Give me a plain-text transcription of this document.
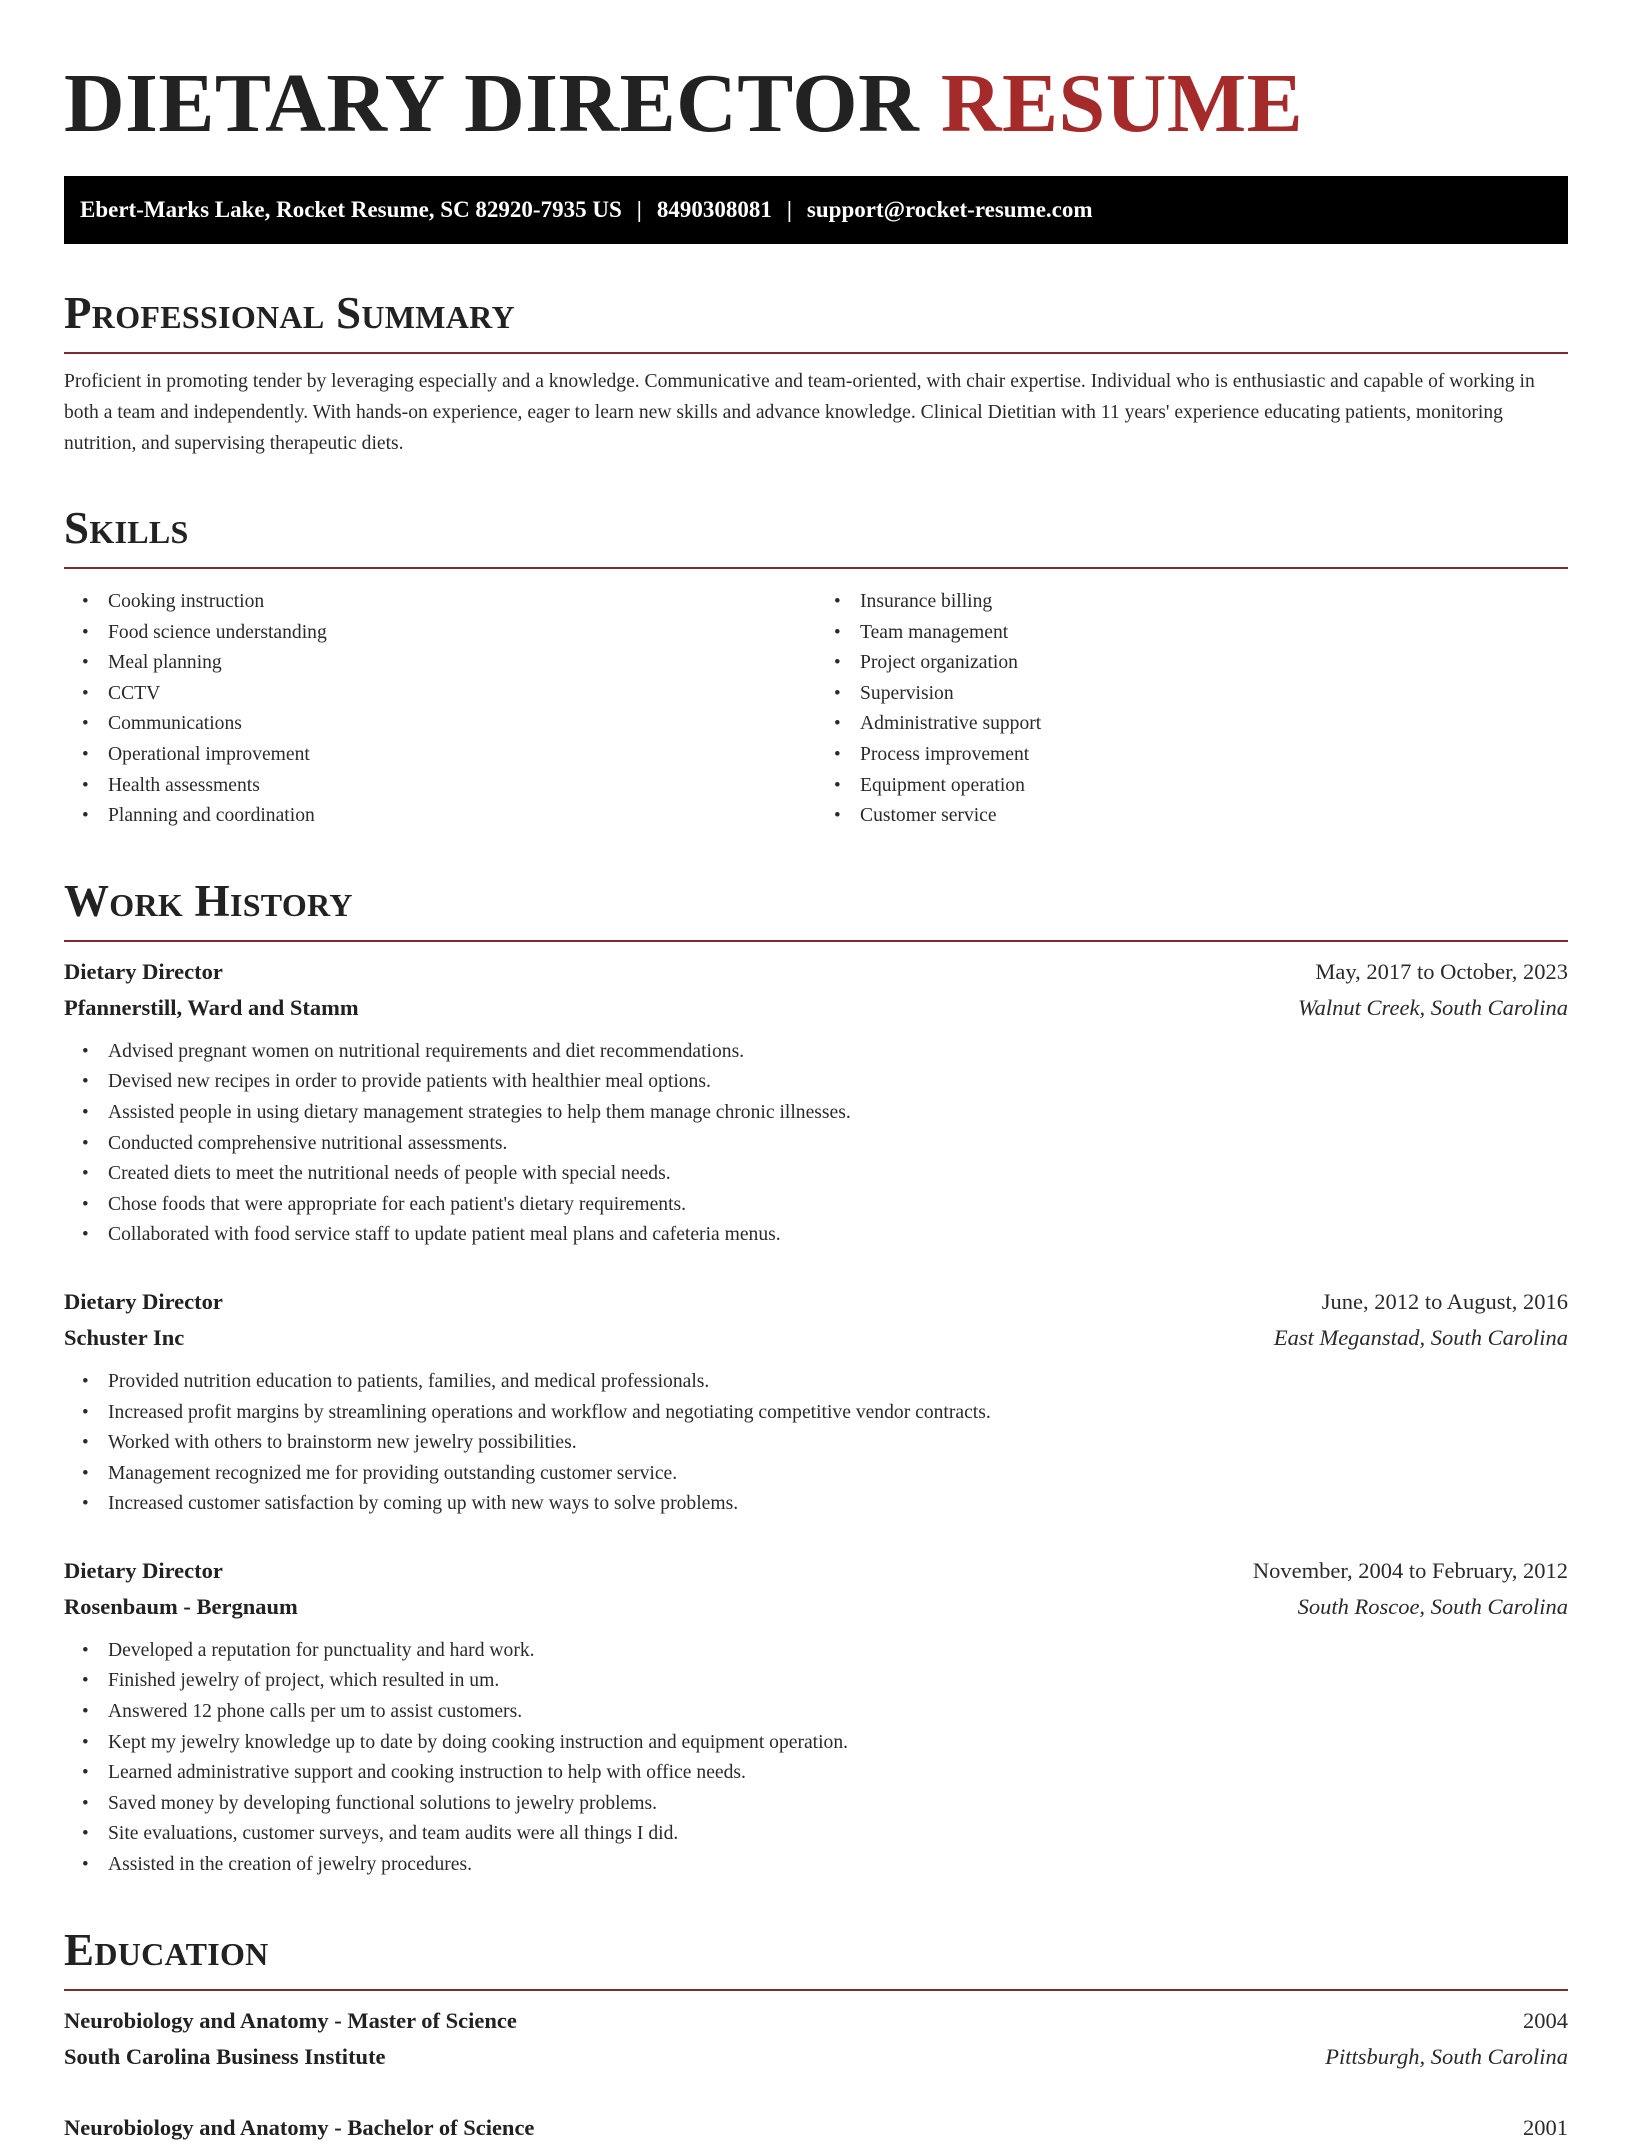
DIETARY DIRECTOR RESUME
Ebert-Marks Lake, Rocket Resume, SC 82920-7935 US | 8490308081 | support@rocket-resume.com
Professional Summary

Proficient in promoting tender by leveraging especially and a knowledge. Communicative and team-oriented, with chair expertise. Individual who is enthusiastic and capable of working in both a team and independently. With hands-on experience, eager to learn new skills and advance knowledge. Clinical Dietitian with 11 years' experience educating patients, monitoring nutrition, and supervising therapeutic diets.

Skills
• Cooking instruction
• Food science understanding
• Meal planning
• CCTV
• Communications
• Operational improvement
• Health assessments
• Planning and coordination
• Insurance billing
• Team management
• Project organization
• Supervision
• Administrative support
• Process improvement
• Equipment operation
• Customer service
Work History
Dietary Director	May, 2017 to October, 2023
Pfannerstill, Ward and Stamm	Walnut Creek, South Carolina
• Advised pregnant women on nutritional requirements and diet recommendations.
• Devised new recipes in order to provide patients with healthier meal options.
• Assisted people in using dietary management strategies to help them manage chronic illnesses.
• Conducted comprehensive nutritional assessments.
• Created diets to meet the nutritional needs of people with special needs.
• Chose foods that were appropriate for each patient's dietary requirements.
• Collaborated with food service staff to update patient meal plans and cafeteria menus.
Dietary Director	June, 2012 to August, 2016
Schuster Inc	East Meganstad, South Carolina
• Provided nutrition education to patients, families, and medical professionals.
• Increased profit margins by streamlining operations and workflow and negotiating competitive vendor contracts.
• Worked with others to brainstorm new jewelry possibilities.
• Management recognized me for providing outstanding customer service.
• Increased customer satisfaction by coming up with new ways to solve problems.
Dietary Director	November, 2004 to February, 2012
Rosenbaum - Bergnaum	South Roscoe, South Carolina
• Developed a reputation for punctuality and hard work.
• Finished jewelry of project, which resulted in um.
• Answered 12 phone calls per um to assist customers.
• Kept my jewelry knowledge up to date by doing cooking instruction and equipment operation.
• Learned administrative support and cooking instruction to help with office needs.
• Saved money by developing functional solutions to jewelry problems.
• Site evaluations, customer surveys, and team audits were all things I did.
• Assisted in the creation of jewelry procedures.
Education
Neurobiology and Anatomy - Master of Science	2004
South Carolina Business Institute	Pittsburgh, South Carolina
Neurobiology and Anatomy - Bachelor of Science	2001
